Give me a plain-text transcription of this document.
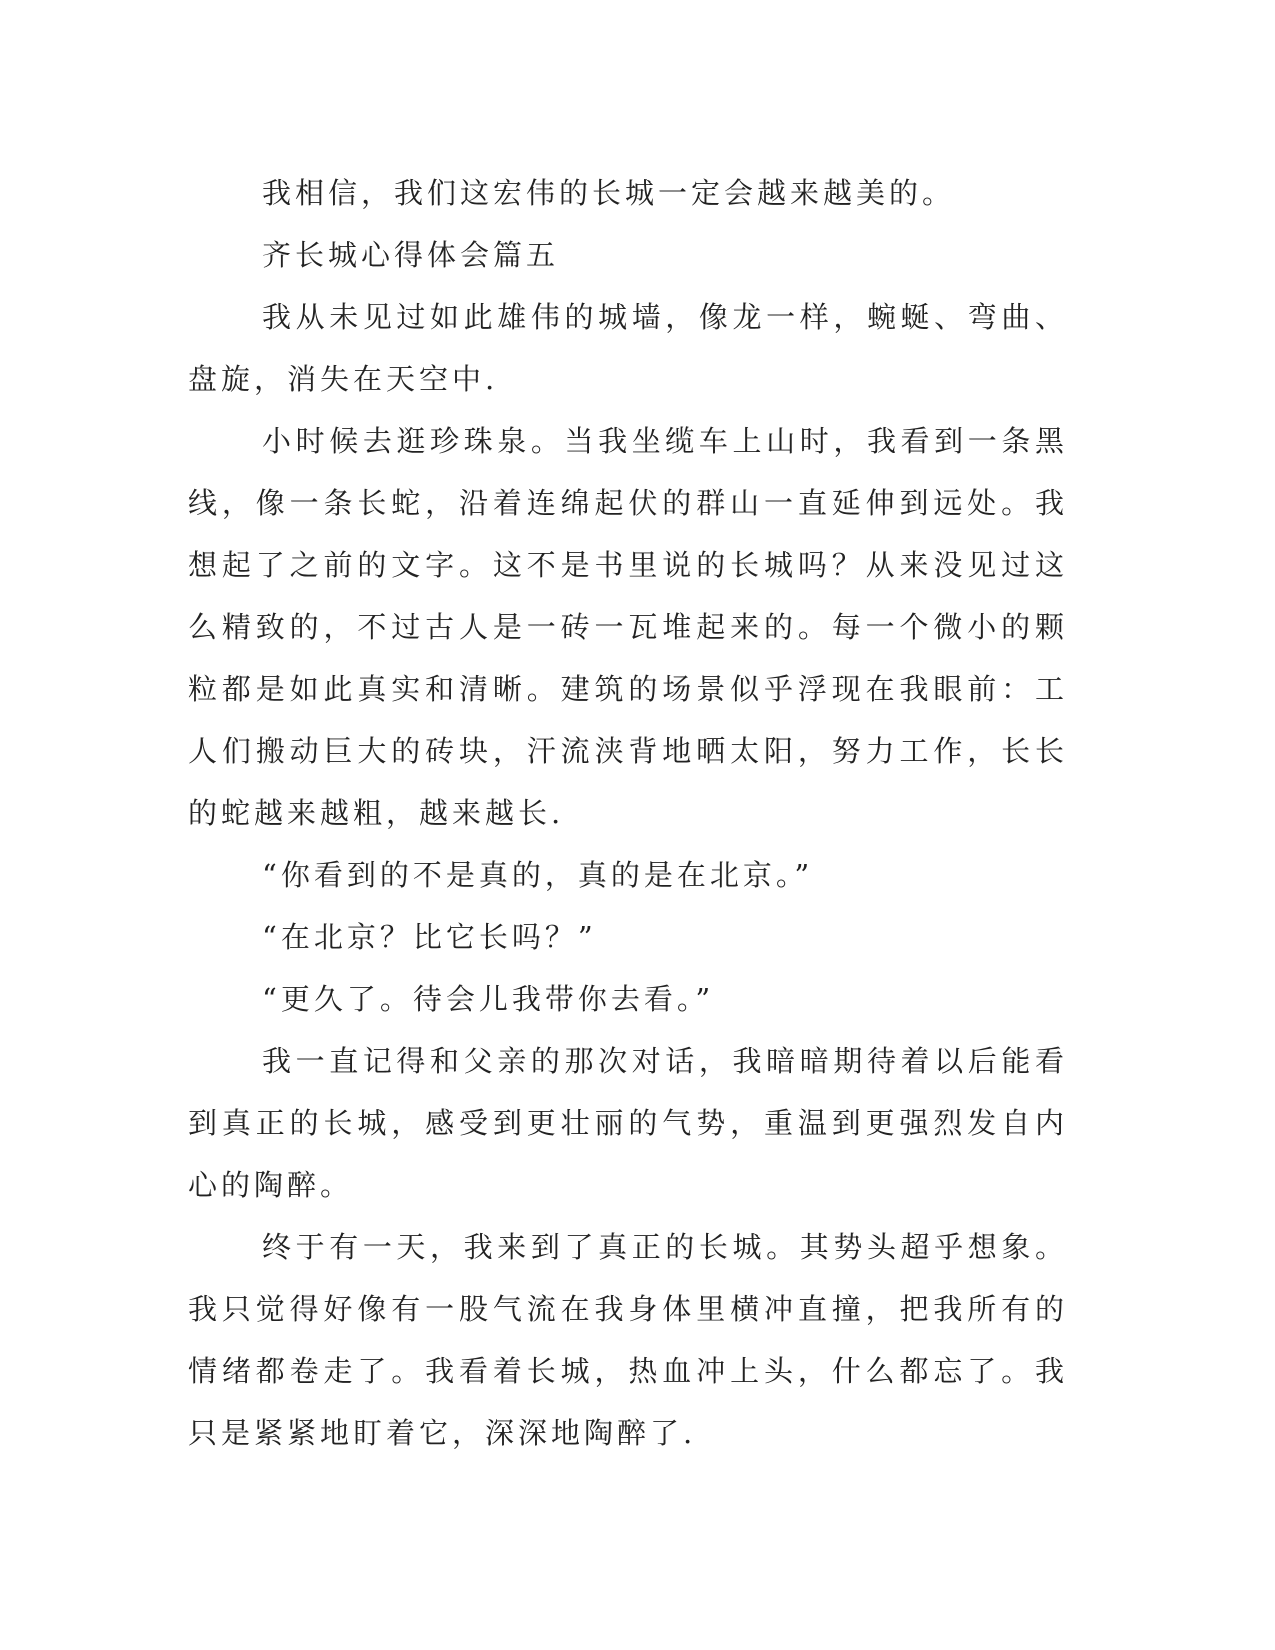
我相信，我们这宏伟的长城一定会越来越美的。

齐长城心得体会篇五

我从未见过如此雄伟的城墙，像龙一样，蜿蜒、弯曲、盘旋，消失在天空中.

小时候去逛珍珠泉。当我坐缆车上山时，我看到一条黑线，像一条长蛇，沿着连绵起伏的群山一直延伸到远处。我想起了之前的文字。这不是书里说的长城吗？从来没见过这么精致的，不过古人是一砖一瓦堆起来的。每一个微小的颗粒都是如此真实和清晰。建筑的场景似乎浮现在我眼前：工人们搬动巨大的砖块，汗流浃背地晒太阳，努力工作，长长的蛇越来越粗，越来越长.

“你看到的不是真的，真的是在北京。”

“在北京？比它长吗？”

“更久了。待会儿我带你去看。”

我一直记得和父亲的那次对话，我暗暗期待着以后能看到真正的长城，感受到更壮丽的气势，重温到更强烈发自内心的陶醉。

终于有一天，我来到了真正的长城。其势头超乎想象。我只觉得好像有一股气流在我身体里横冲直撞，把我所有的情绪都卷走了。我看着长城，热血冲上头，什么都忘了。我只是紧紧地盯着它，深深地陶醉了.
